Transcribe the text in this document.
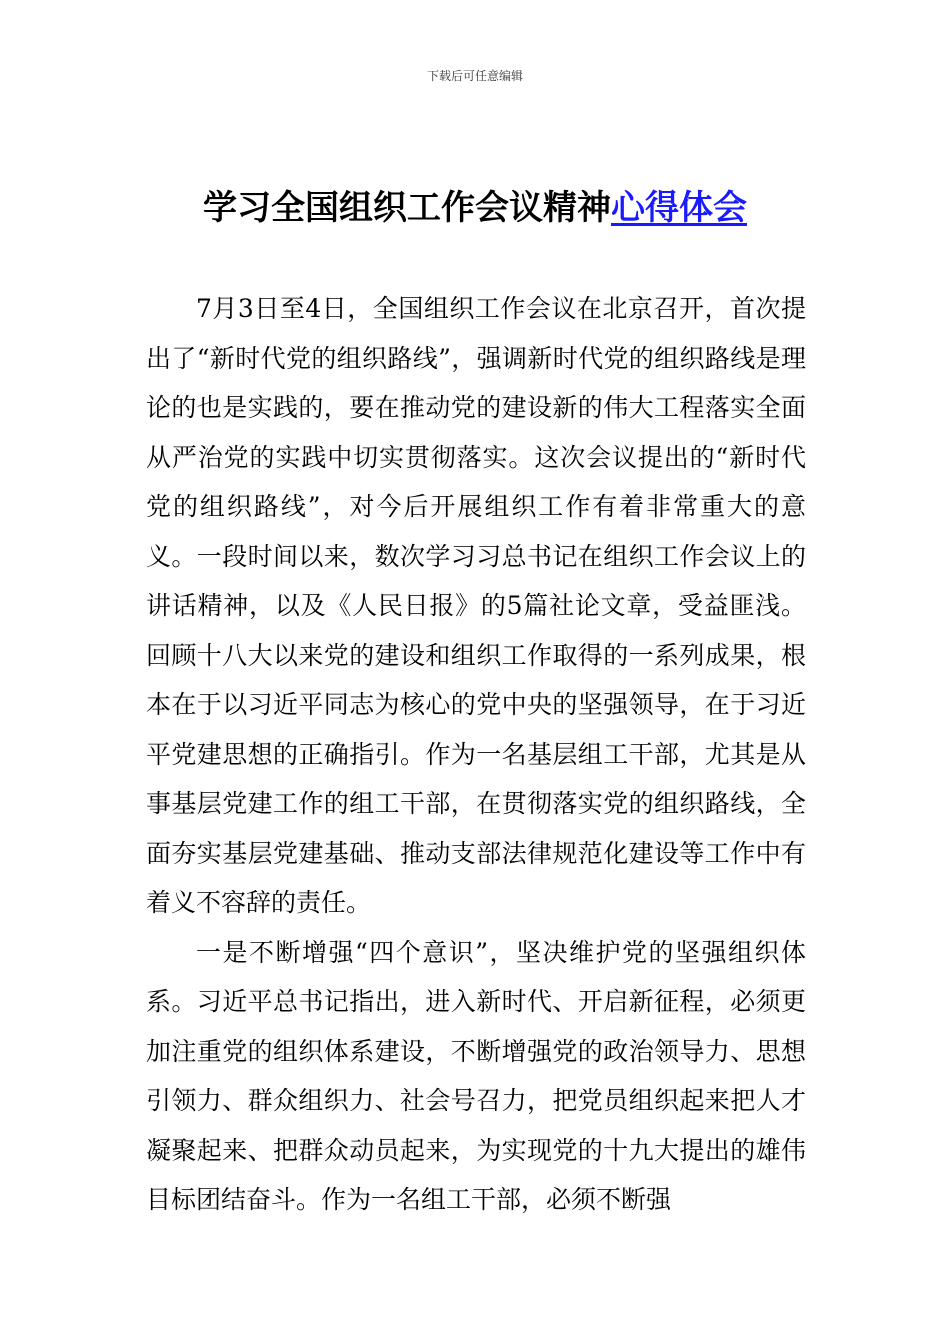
下载后可任意编辑
学习全国组织工作会议精神心得体会

7月3日至4日，全国组织工作会议在北京召开，首次提出了“新时代党的组织路线”，强调新时代党的组织路线是理论的也是实践的，要在推动党的建设新的伟大工程落实全面从严治党的实践中切实贯彻落实。这次会议提出的“新时代党的组织路线”，对今后开展组织工作有着非常重大的意义。一段时间以来，数次学习习总书记在组织工作会议上的讲话精神，以及《人民日报》的5篇社论文章，受益匪浅。回顾十八大以来党的建设和组织工作取得的一系列成果，根本在于以习近平同志为核心的党中央的坚强领导，在于习近平党建思想的正确指引。作为一名基层组工干部，尤其是从事基层党建工作的组工干部，在贯彻落实党的组织路线，全面夯实基层党建基础、推动支部法律规范化建设等工作中有着义不容辞的责任。

一是不断增强“四个意识”，坚决维护党的坚强组织体系。习近平总书记指出，进入新时代、开启新征程，必须更加注重党的组织体系建设，不断增强党的政治领导力、思想引领力、群众组织力、社会号召力，把党员组织起来把人才凝聚起来、把群众动员起来，为实现党的十九大提出的雄伟目标团结奋斗。作为一名组工干部，必须不断强
